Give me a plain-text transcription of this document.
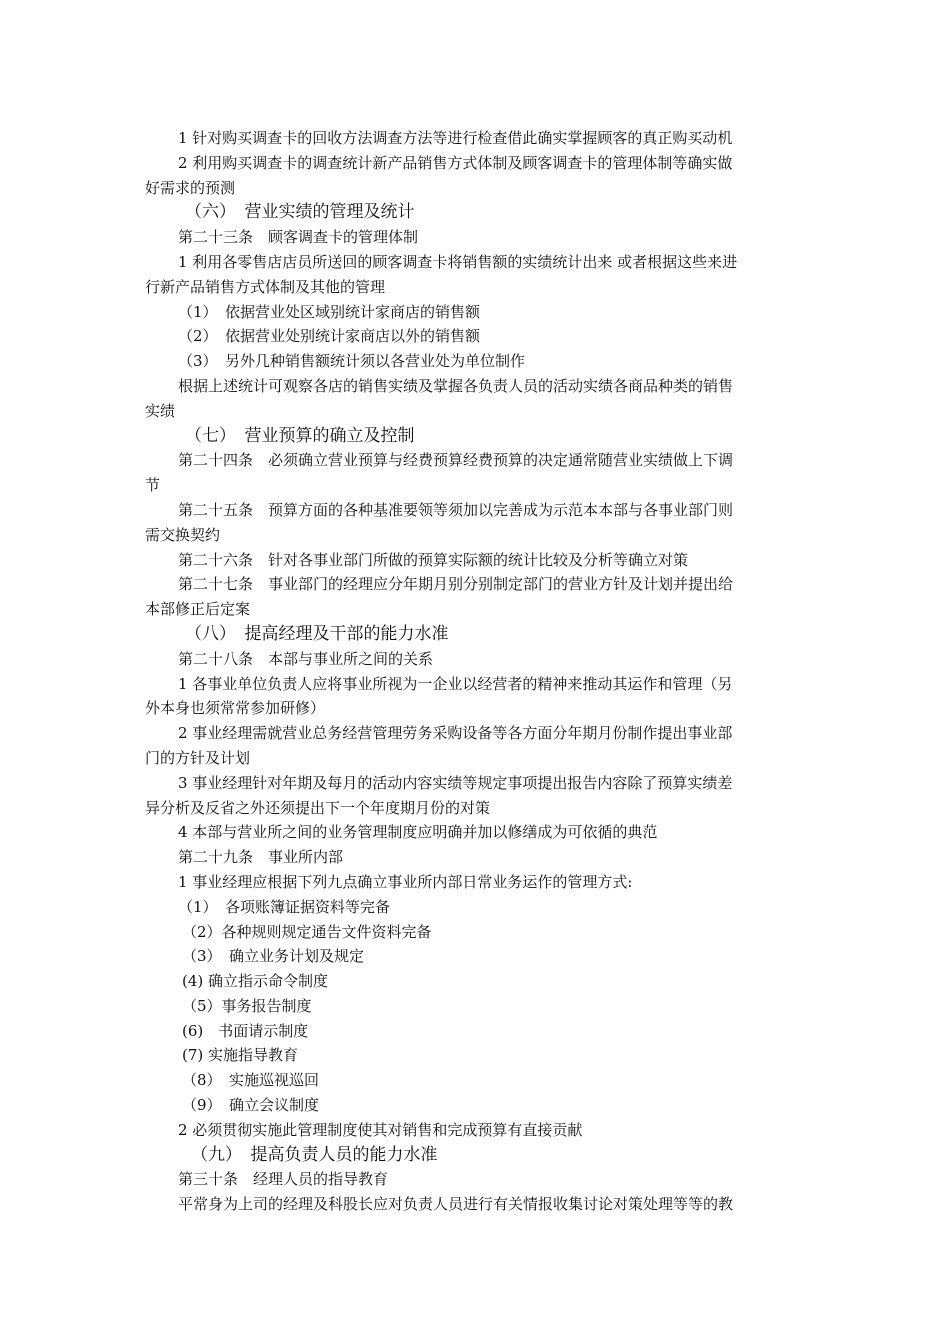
1 针对购买调查卡的回收方法调查方法等进行检查借此确实掌握顾客的真正购买动机
2 利用购买调查卡的调查统计新产品销售方式体制及顾客调查卡的管理体制等确实做
好需求的预测
（六）　营业实绩的管理及统计
第二十三条　顾客调查卡的管理体制
1 利用各零售店店员所送回的顾客调查卡将销售额的实绩统计出来 或者根据这些来进
行新产品销售方式体制及其他的管理
（1）　依据营业处区域别统计家商店的销售额
（2）　依据营业处别统计家商店以外的销售额
（3）　另外几种销售额统计须以各营业处为单位制作
根据上述统计可观察各店的销售实绩及掌握各负责人员的活动实绩各商品种类的销售
实绩
（七）　营业预算的确立及控制
第二十四条　必须确立营业预算与经费预算经费预算的决定通常随营业实绩做上下调
节
第二十五条　预算方面的各种基准要领等须加以完善成为示范本本部与各事业部门则
需交换契约
第二十六条　针对各事业部门所做的预算实际额的统计比较及分析等确立对策
第二十七条　事业部门的经理应分年期月别分别制定部门的营业方针及计划并提出给
本部修正后定案
（八）　提高经理及干部的能力水准
第二十八条　本部与事业所之间的关系
1 各事业单位负责人应将事业所视为一企业以经营者的精神来推动其运作和管理（另
外本身也须常常参加研修）
2 事业经理需就营业总务经营管理劳务采购设备等各方面分年期月份制作提出事业部
门的方针及计划
3 事业经理针对年期及每月的活动内容实绩等规定事项提出报告内容除了预算实绩差
异分析及反省之外还须提出下一个年度期月份的对策
4 本部与营业所之间的业务管理制度应明确并加以修缮成为可依循的典范
第二十九条　事业所内部
1 事业经理应根据下列九点确立事业所内部日常业务运作的管理方式:
（1）　各项账簿证据资料等完备
（2）各种规则规定通告文件资料完备
（3）　确立业务计划及规定
(4) 确立指示命令制度
（5）事务报告制度
(6)　书面请示制度
(7) 实施指导教育
（8）　实施巡视巡回
（9）　确立会议制度
2 必须贯彻实施此管理制度使其对销售和完成预算有直接贡献
（九）　提高负责人员的能力水准
第三十条　经理人员的指导教育
平常身为上司的经理及科股长应对负责人员进行有关情报收集讨论对策处理等等的教
